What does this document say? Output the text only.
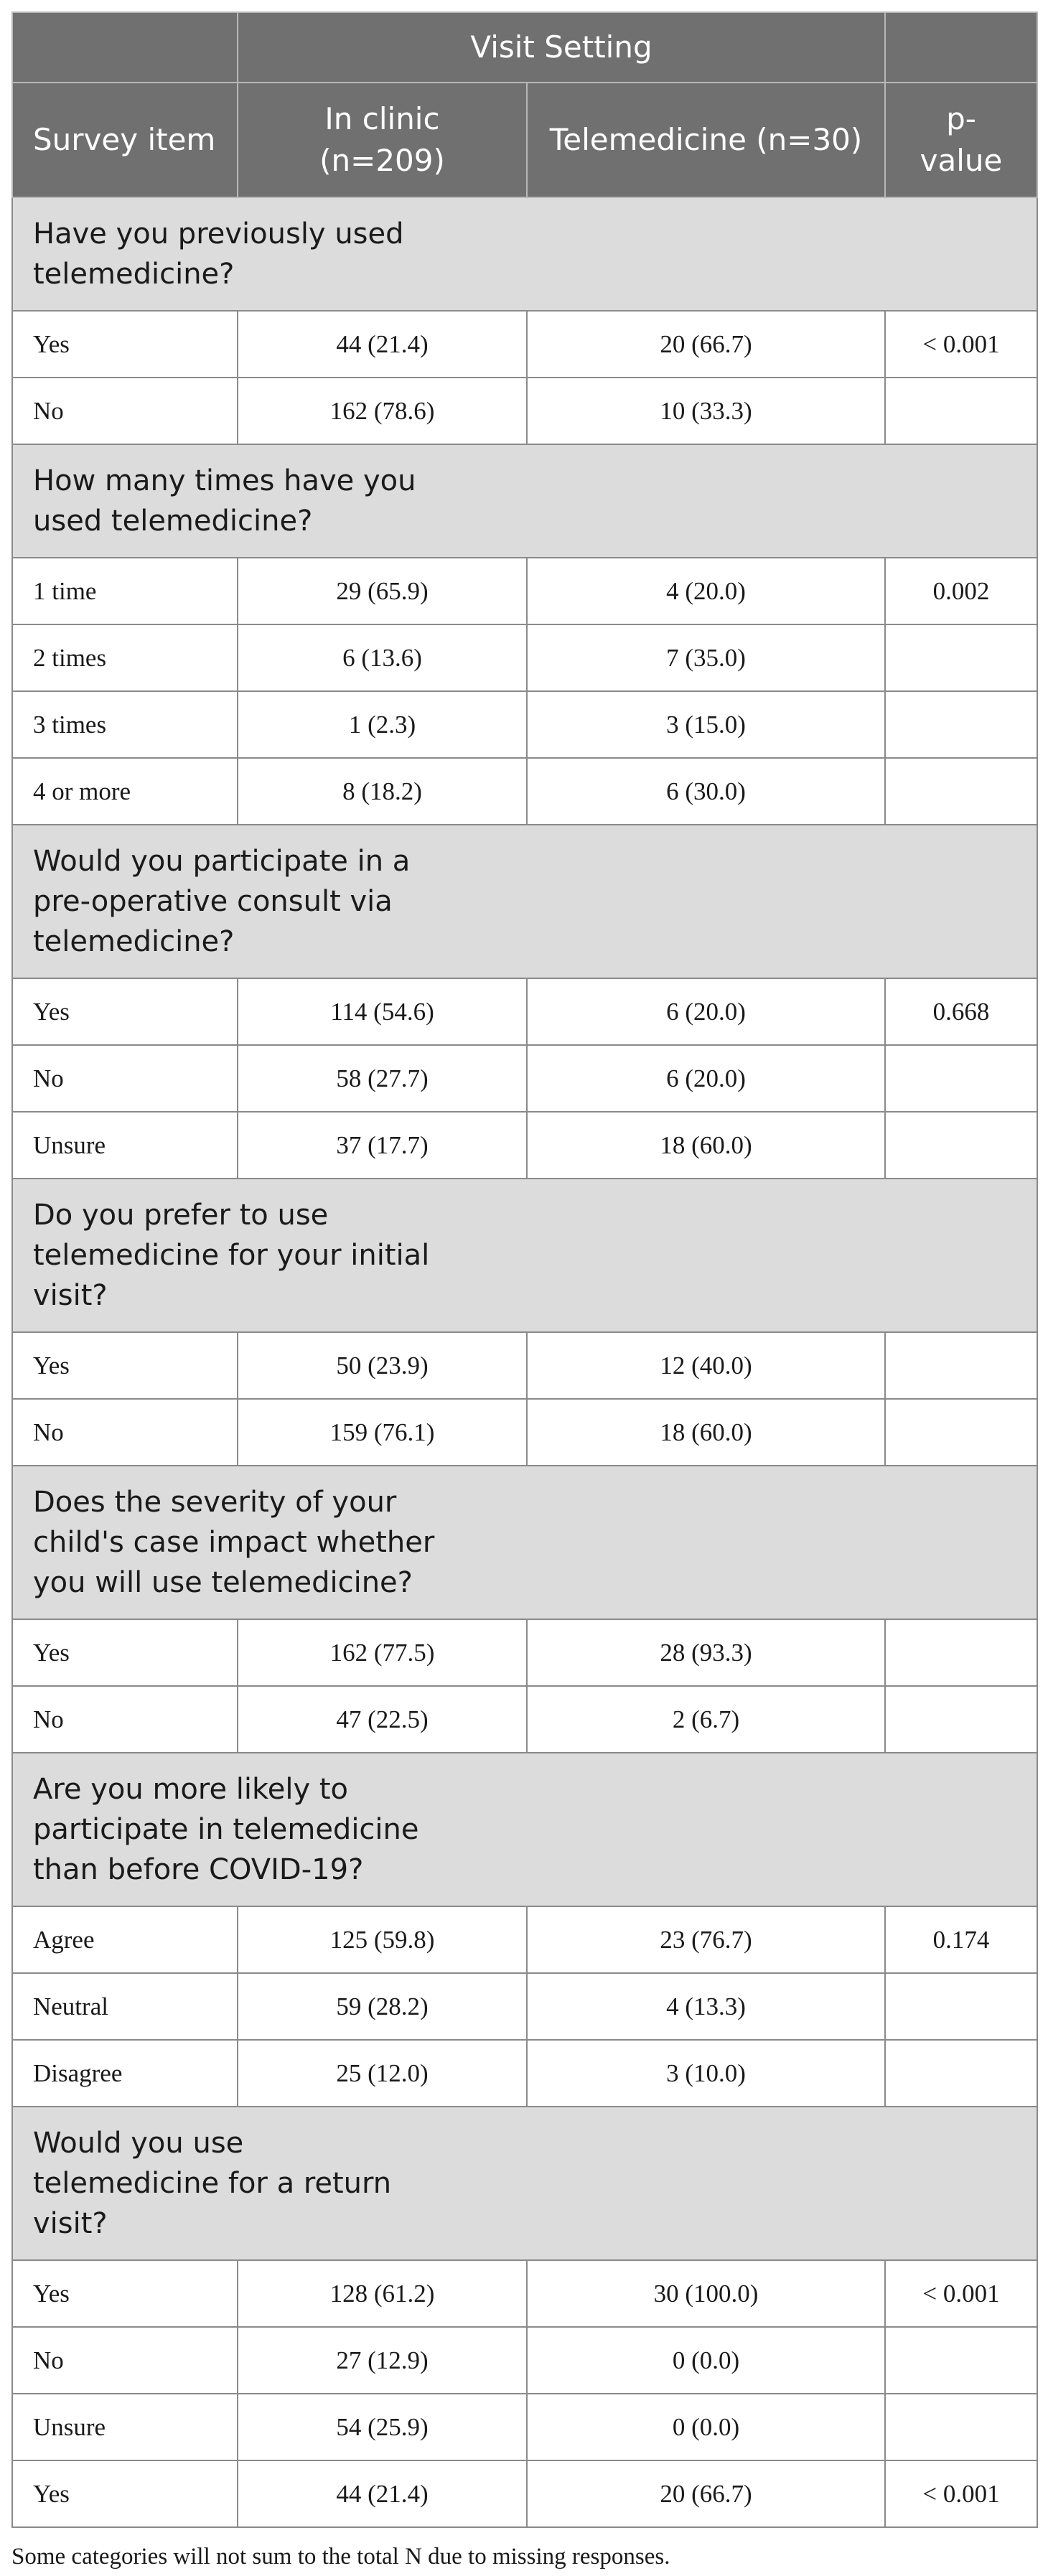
	Visit Setting		
Survey item	In clinic (n=209)	Telemedicine (n=30)	p-value

Have you previously used telemedicine?			

Yes	44 (21.4)	20 (66.7)	< 0.001
No	162 (78.6)	10 (33.3)	

How many times have you used telemedicine?			

1 time	29 (65.9)	4 (20.0)	0.002
2 times	6 (13.6)	7 (35.0)	
3 times	1 (2.3)	3 (15.0)	
4 or more	8 (18.2)	6 (30.0)	

Would you participate in a pre-operative consult via telemedicine?			

Yes	114 (54.6)	6 (20.0)	0.668
No	58 (27.7)	6 (20.0)	
Unsure	37 (17.7)	18 (60.0)	

Do you prefer to use telemedicine for your initial visit?			

Yes	50 (23.9)	12 (40.0)	
No	159 (76.1)	18 (60.0)	

Does the severity of your child's case impact whether you will use telemedicine?			

Yes	162 (77.5)	28 (93.3)	
No	47 (22.5)	2 (6.7)	

Are you more likely to participate in telemedicine than before COVID-19?			

Agree	125 (59.8)	23 (76.7)	0.174
Neutral	59 (28.2)	4 (13.3)	
Disagree	25 (12.0)	3 (10.0)	

Would you use telemedicine for a return visit?			

Yes	128 (61.2)	30 (100.0)	< 0.001
No	27 (12.9)	0 (0.0)	
Unsure	54 (25.9)	0 (0.0)	
Yes	44 (21.4)	20 (66.7)	< 0.001
Some categories will not sum to the total N due to missing responses.
